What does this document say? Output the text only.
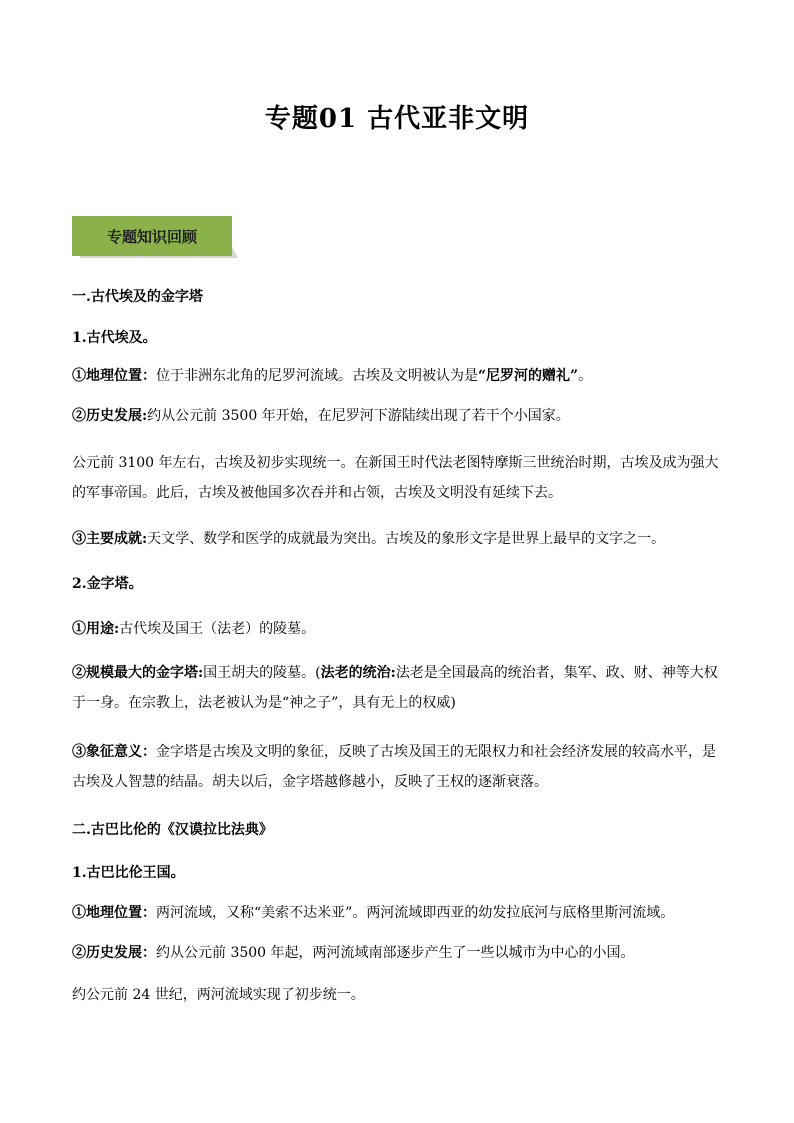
专题01 古代亚非文明
专题知识回顾
一.古代埃及的金字塔
1.古代埃及。
①地理位置：位于非洲东北角的尼罗河流域。古埃及文明被认为是“尼罗河的赠礼”。
②历史发展:约从公元前 3500 年开始，在尼罗河下游陆续出现了若干个小国家。
公元前 3100 年左右，古埃及初步实现统一。在新国王时代法老图特摩斯三世统治时期，古埃及成为强大的军事帝国。此后，古埃及被他国多次吞并和占领，古埃及文明没有延续下去。
③主要成就:天文学、数学和医学的成就最为突出。古埃及的象形文字是世界上最早的文字之一。
2.金字塔。
①用途:古代埃及国王（法老）的陵墓。
②规模最大的金字塔:国王胡夫的陵墓。(法老的统治:法老是全国最高的统治者，集军、政、财、神等大权于一身。在宗教上，法老被认为是“神之子”，具有无上的权威)
③象征意义：金字塔是古埃及文明的象征，反映了古埃及国王的无限权力和社会经济发展的较高水平，是古埃及人智慧的结晶。胡夫以后，金字塔越修越小，反映了王权的逐渐衰落。
二.古巴比伦的《汉谟拉比法典》
1.古巴比伦王国。
①地理位置：两河流域，又称“美索不达米亚”。两河流域即西亚的幼发拉底河与底格里斯河流域。
②历史发展：约从公元前 3500 年起，两河流域南部逐步产生了一些以城市为中心的小国。
约公元前 24 世纪，两河流域实现了初步统一。
